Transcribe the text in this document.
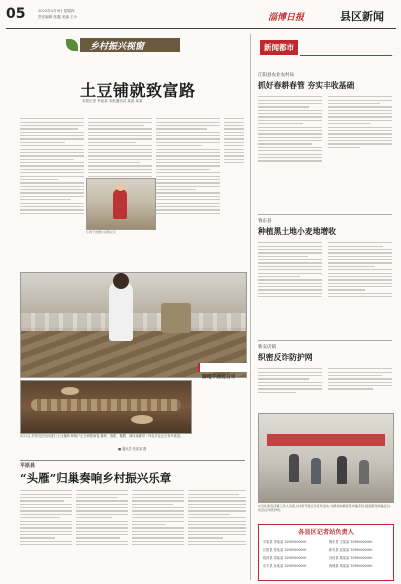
05	2023年3月9日 星期四
责任编辑 张鑫 美编 王小	淄博日报	县区新闻
乡村振兴视窗
土豆铺就致富路
本报记者 李某某 本报通讯员 某某 某某
小孩子的图片说明文字
脚尾干劲赶日早
3月2日,村民们在田间进行土豆播种,种植户正在调整滴管,播种、施肥、覆膜、铺设滴灌带一体化作业正在有序推进。
■ 通讯员 张某某 摄
平原县
“头雁”归巢奏响乡村振兴乐章
新闻都市
江阳县农业农村局
抓好春耕春管 夯实丰收基础
鲁东县
种植黑土地小麦地增收
新安店镇
织密反诈防护网
3月初,新安店镇工作人员深入村居开展反诈宣传活动,为群众讲解常见诈骗手段,提高群众防骗意识,织密反诈防护网。
各县区记者站负责人
平原县 李某某 13900000000	鲁东县 王某某 13900000000
江阳县 张某某 13900000000	新安县 赵某某 13900000000
临河县 刘某某 13900000000	沙河县 陈某某 13900000000
东平县 孙某某 13900000000	西城县 周某某 13900000000
